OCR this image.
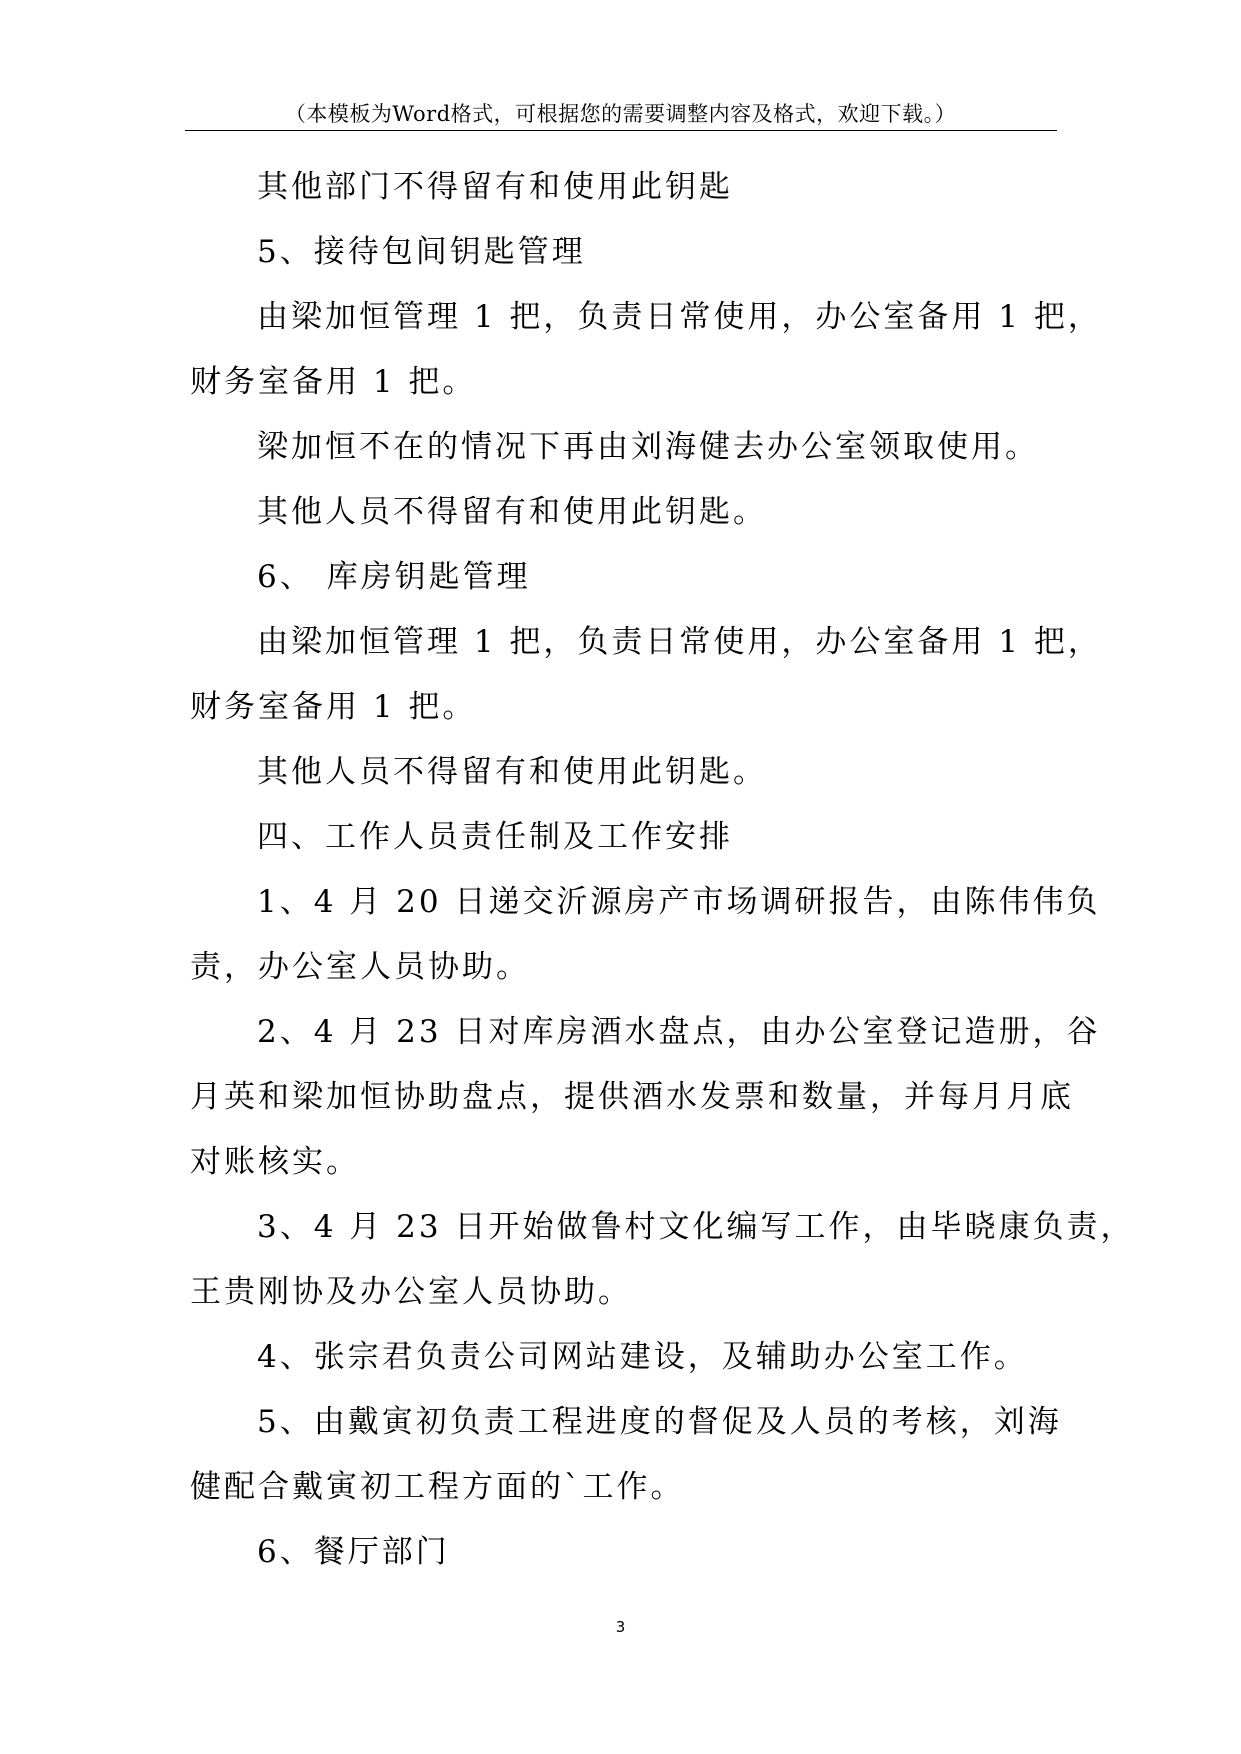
（本模板为Word格式，可根据您的需要调整内容及格式，欢迎下载。）

其他部门不得留有和使用此钥匙

5、接待包间钥匙管理

由梁加恒管理 1 把，负责日常使用，办公室备用 1 把，

财务室备用 1 把。

梁加恒不在的情况下再由刘海健去办公室领取使用。

其他人员不得留有和使用此钥匙。

6、 库房钥匙管理

由梁加恒管理 1 把，负责日常使用，办公室备用 1 把，

财务室备用 1 把。

其他人员不得留有和使用此钥匙。

四、工作人员责任制及工作安排

1、4 月 20 日递交沂源房产市场调研报告，由陈伟伟负

责，办公室人员协助。

2、4 月 23 日对库房酒水盘点，由办公室登记造册，谷

月英和梁加恒协助盘点，提供酒水发票和数量，并每月月底

对账核实。

3、4 月 23 日开始做鲁村文化编写工作，由毕晓康负责，

王贵刚协及办公室人员协助。

4、张宗君负责公司网站建设，及辅助办公室工作。

5、由戴寅初负责工程进度的督促及人员的考核，刘海

健配合戴寅初工程方面的`工作。

6、餐厅部门

3
